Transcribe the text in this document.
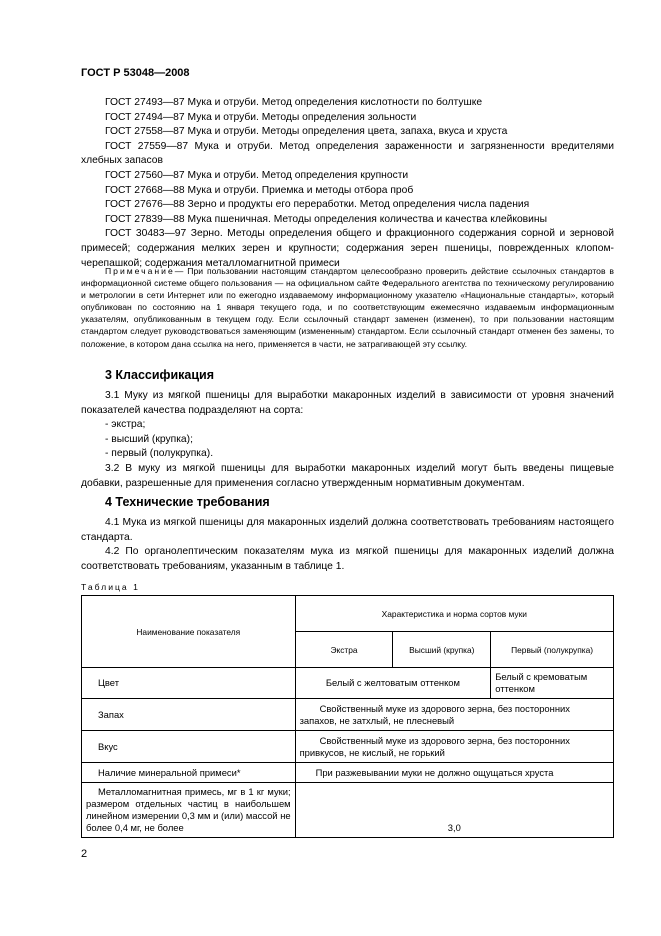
ГОСТ Р 53048—2008

ГОСТ 27493—87 Мука и отруби. Метод определения кислотности по болтушке

ГОСТ 27494—87 Мука и отруби. Методы определения зольности

ГОСТ 27558—87 Мука и отруби. Методы определения цвета, запаха, вкуса и хруста

ГОСТ 27559—87 Мука и отруби. Метод определения зараженности и загрязненности вредителями хлебных запасов

ГОСТ 27560—87 Мука и отруби. Метод определения крупности

ГОСТ 27668—88 Мука и отруби. Приемка и методы отбора проб

ГОСТ 27676—88 Зерно и продукты его переработки. Метод определения числа падения

ГОСТ 27839—88 Мука пшеничная. Методы определения количества и качества клейковины

ГОСТ 30483—97 Зерно. Методы определения общего и фракционного содержания сорной и зерновой примесей; содержания мелких зерен и крупности; содержания зерен пшеницы, поврежденных клопом-черепашкой; содержания металломагнитной примеси

Примечание— При пользовании настоящим стандартом целесообразно проверить действие ссылочных стандартов в информационной системе общего пользования — на официальном сайте Федерального агентства по техническому регулированию и метрологии в сети Интернет или по ежегодно издаваемому информационному указателю «Национальные стандарты», который опубликован по состоянию на 1 января текущего года, и по соответствующим ежемесячно издаваемым информационным указателям, опубликованным в текущем году. Если ссылочный стандарт заменен (изменен), то при пользовании настоящим стандартом следует руководствоваться заменяющим (измененным) стандартом. Если ссылочный стандарт отменен без замены, то положение, в котором дана ссылка на него, применяется в части, не затрагивающей эту ссылку.

3 Классификация

3.1 Муку из мягкой пшеницы для выработки макаронных изделий в зависимости от уровня значений показателей качества подразделяют на сорта:

- экстра;

- высший (крупка);

- первый (полукрупка).

3.2 В муку из мягкой пшеницы для выработки макаронных изделий могут быть введены пищевые добавки, разрешенные для применения согласно утвержденным нормативным документам.

4 Технические требования

4.1 Мука из мягкой пшеницы для макаронных изделий должна соответствовать требованиям настоящего стандарта.

4.2 По органолептическим показателям мука из мягкой пшеницы для макаронных изделий должна соответствовать требованиям, указанным в таблице 1.

Таблица 1
Наименование показателя	Характеристика и норма сортов муки		
	Экстра	Высший (крупка)	Первый (полукрупка)
Цвет	Белый с желтоватым оттенком		Белый с кремоватым оттенком
Запах	Свойственный муке из здорового зерна, без посторонних запахов, не затхлый, не плесневый		
Вкус	Свойственный муке из здорового зерна, без посторонних привкусов, не кислый, не горький		
Наличие минеральной примеси*	При разжевывании муки не должно ощущаться хруста		
Металломагнитная примесь, мг в 1 кг муки; размером отдельных частиц в наибольшем линейном измерении 0,3 мм и (или) массой не более 0,4 мг, не более	3,0		
2
